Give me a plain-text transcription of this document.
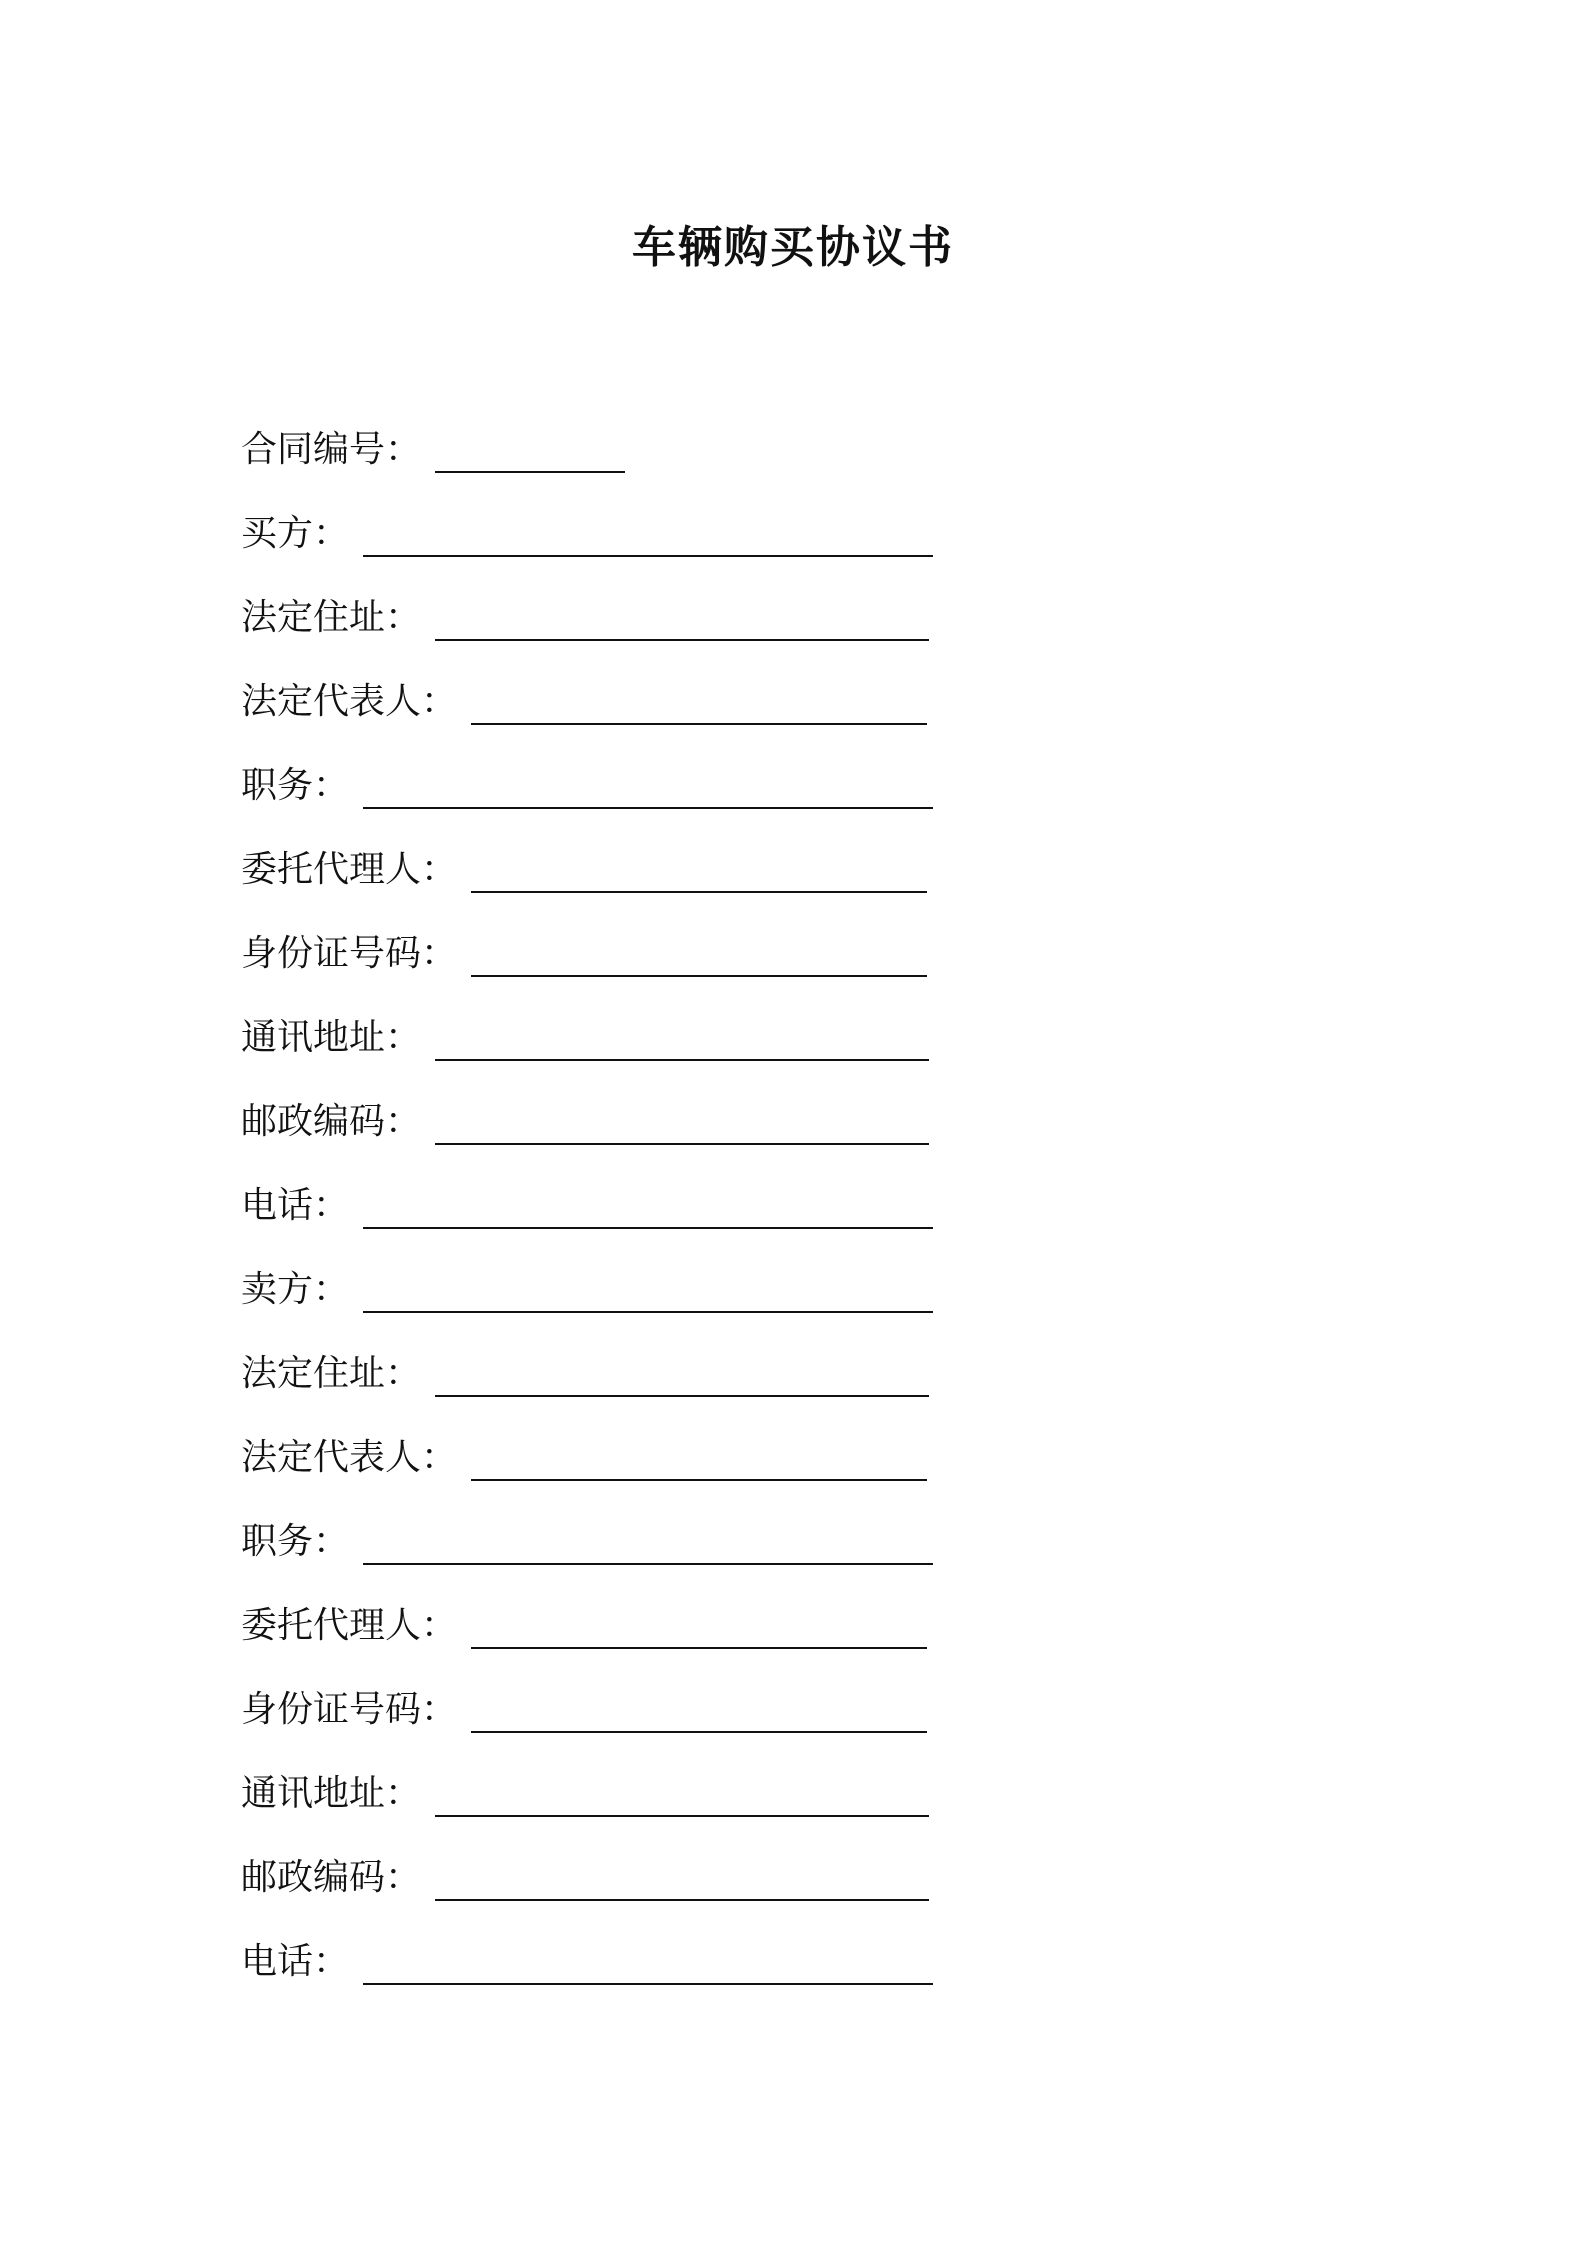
车辆购买协议书
合同编号 ：
买方 ：
法定住址 ：
法定代表人 ：
职务 ：
委托代理人 ：
身份证号码 ：
通讯地址 ：
邮政编码 ：
电话 ：
卖方 ：
法定住址 ：
法定代表人 ：
职务 ：
委托代理人 ：
身份证号码 ：
通讯地址 ：
邮政编码 ：
电话 ：
